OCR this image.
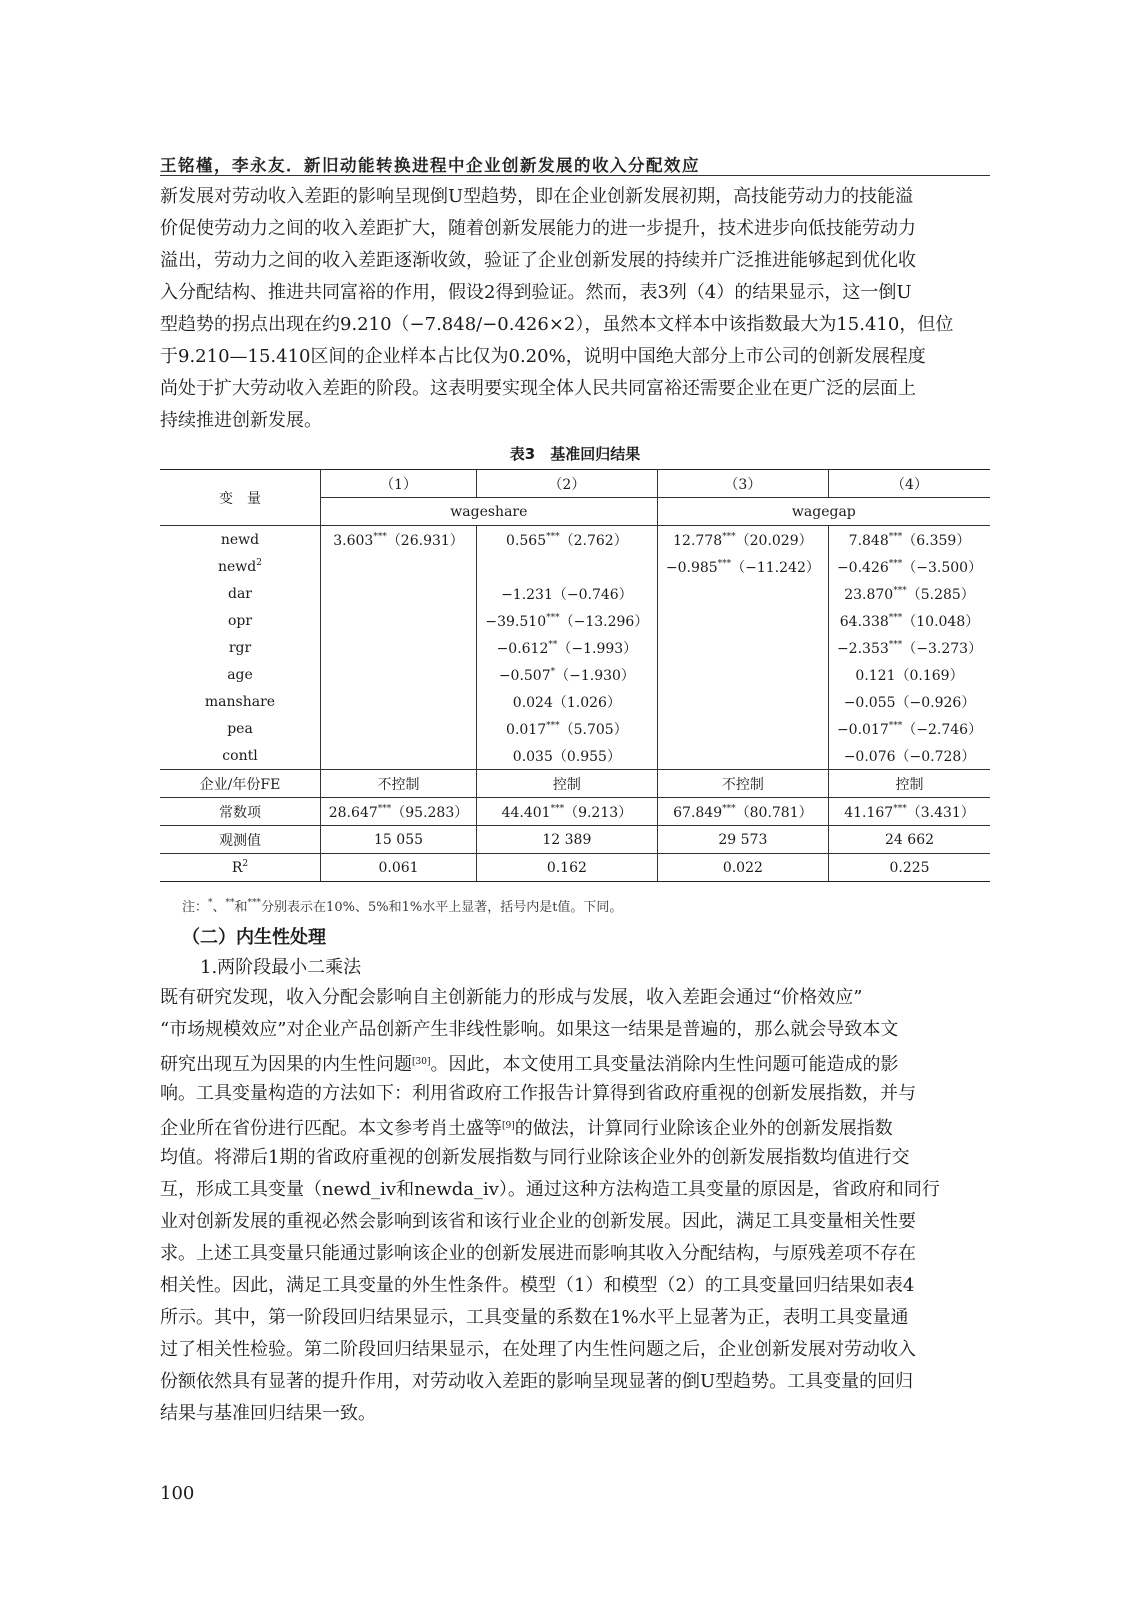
王铭槿，李永友．新旧动能转换进程中企业创新发展的收入分配效应
新发展对劳动收入差距的影响呈现倒U型趋势，即在企业创新发展初期，高技能劳动力的技能溢
价促使劳动力之间的收入差距扩大，随着创新发展能力的进一步提升，技术进步向低技能劳动力
溢出，劳动力之间的收入差距逐渐收敛，验证了企业创新发展的持续并广泛推进能够起到优化收
入分配结构、推进共同富裕的作用，假设2得到验证。然而，表3列（4）的结果显示，这一倒U
型趋势的拐点出现在约9.210（−7.848/−0.426×2），虽然本文样本中该指数最大为15.410，但位
于9.210—15.410区间的企业样本占比仅为0.20%，说明中国绝大部分上市公司的创新发展程度
尚处于扩大劳动收入差距的阶段。这表明要实现全体人民共同富裕还需要企业在更广泛的层面上
持续推进创新发展。
表3　基准回归结果
变　量	（1）	（2）	（3）	（4）
	wageshare		wagegap	
newd	3.603***（26.931）	0.565***（2.762）	12.778***（20.029）	7.848***（6.359）
newd$^2$			−0.985***（−11.242）	−0.426***（−3.500）
dar		−1.231（−0.746）		23.870***（5.285）
opr		−39.510***（−13.296）		64.338***（10.048）
rgr		−0.612**（−1.993）		−2.353***（−3.273）
age		−0.507*（−1.930）		0.121（0.169）
manshare		0.024（1.026）		−0.055（−0.926）
pea		0.017***（5.705）		−0.017***（−2.746）
contl		0.035（0.955）		−0.076（−0.728）
企业/年份FE	不控制	控制	不控制	控制
常数项	28.647***（95.283）	44.401***（9.213）	67.849***（80.781）	41.167***（3.431）
观测值	15 055	12 389	29 573	24 662
$R^2$	0.061	0.162	0.022	0.225
注：*、**和***分别表示在10%、5%和1%水平上显著，括号内是t值。下同。
（二）内生性处理
1.两阶段最小二乘法
既有研究发现，收入分配会影响自主创新能力的形成与发展，收入差距会通过“价格效应”
“市场规模效应”对企业产品创新产生非线性影响。如果这一结果是普遍的，那么就会导致本文
研究出现互为因果的内生性问题[30]。因此，本文使用工具变量法消除内生性问题可能造成的影
响。工具变量构造的方法如下：利用省政府工作报告计算得到省政府重视的创新发展指数，并与
企业所在省份进行匹配。本文参考肖土盛等[9]的做法，计算同行业除该企业外的创新发展指数
均值。将滞后1期的省政府重视的创新发展指数与同行业除该企业外的创新发展指数均值进行交
互，形成工具变量（newd_iv和newda_iv）。通过这种方法构造工具变量的原因是，省政府和同行
业对创新发展的重视必然会影响到该省和该行业企业的创新发展。因此，满足工具变量相关性要
求。上述工具变量只能通过影响该企业的创新发展进而影响其收入分配结构，与原残差项不存在
相关性。因此，满足工具变量的外生性条件。模型（1）和模型（2）的工具变量回归结果如表4
所示。其中，第一阶段回归结果显示，工具变量的系数在1%水平上显著为正，表明工具变量通
过了相关性检验。第二阶段回归结果显示，在处理了内生性问题之后，企业创新发展对劳动收入
份额依然具有显著的提升作用，对劳动收入差距的影响呈现显著的倒U型趋势。工具变量的回归
结果与基准回归结果一致。
100
